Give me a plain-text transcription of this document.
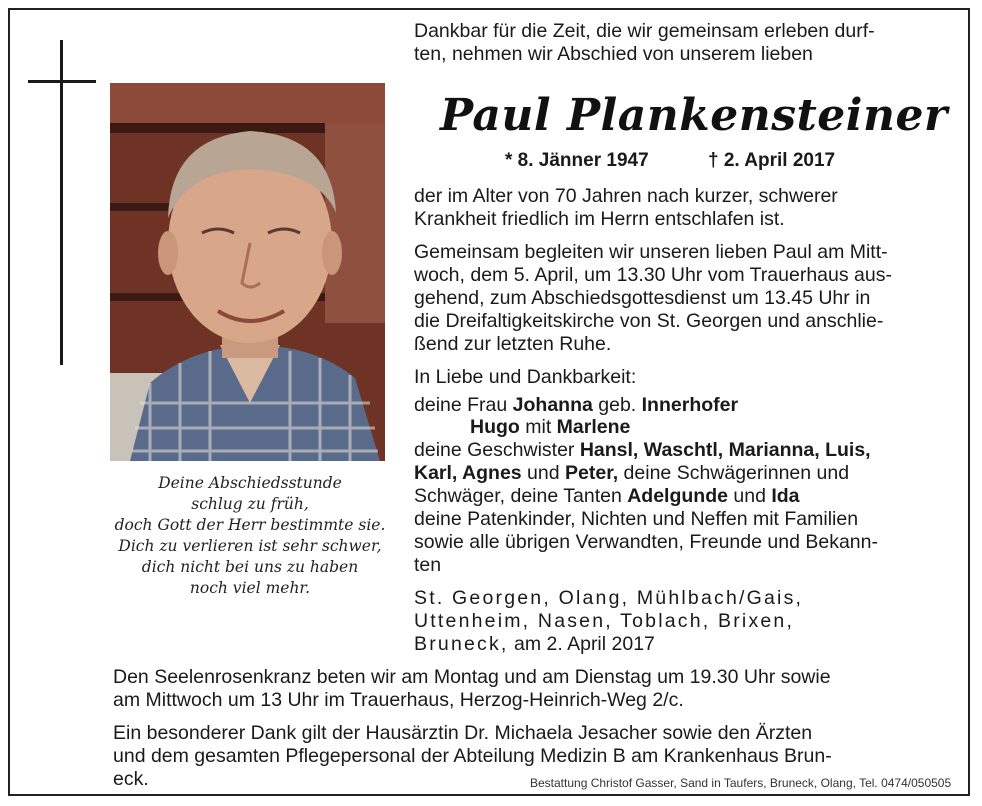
Deine Abschiedsstunde
schlug zu früh,
doch Gott der Herr bestimmte sie.
Dich zu verlieren ist sehr schwer,
dich nicht bei uns zu haben
noch viel mehr.
Dankbar für die Zeit, die wir gemeinsam erleben durf-
ten, nehmen wir Abschied von unserem lieben
Paul Plankensteiner
* 8. Jänner 1947	† 2. April 2017
der im Alter von 70 Jahren nach kurzer, schwerer
Krankheit friedlich im Herrn entschlafen ist.
Gemeinsam begleiten wir unseren lieben Paul am Mitt-
woch, dem 5. April, um 13.30 Uhr vom Trauerhaus aus-
gehend, zum Abschiedsgottesdienst um 13.45 Uhr in
die Dreifaltigkeitskirche von St. Georgen und anschlie-
ßend zur letzten Ruhe.
In Liebe und Dankbarkeit:
deine Frau Johanna geb. Innerhofer
Hugo mit Marlene
deine Geschwister Hansl, Waschtl, Marianna, Luis,
Karl, Agnes und Peter, deine Schwägerinnen und
Schwäger, deine Tanten Adelgunde und Ida
deine Patenkinder, Nichten und Neffen mit Familien
sowie alle übrigen Verwandten, Freunde und Bekann-
ten
St. Georgen, Olang, Mühlbach/Gais,
Uttenheim, Nasen, Toblach, Brixen,
Bruneck, am 2. April 2017
Den Seelenrosenkranz beten wir am Montag und am Dienstag um 19.30 Uhr sowie
am Mittwoch um 13 Uhr im Trauerhaus, Herzog-Heinrich-Weg 2/c.
Ein besonderer Dank gilt der Hausärztin Dr. Michaela Jesacher sowie den Ärzten
und dem gesamten Pflegepersonal der Abteilung Medizin B am Krankenhaus Brun-
eck.	Bestattung Christof Gasser, Sand in Taufers, Bruneck, Olang, Tel. 0474/050505
